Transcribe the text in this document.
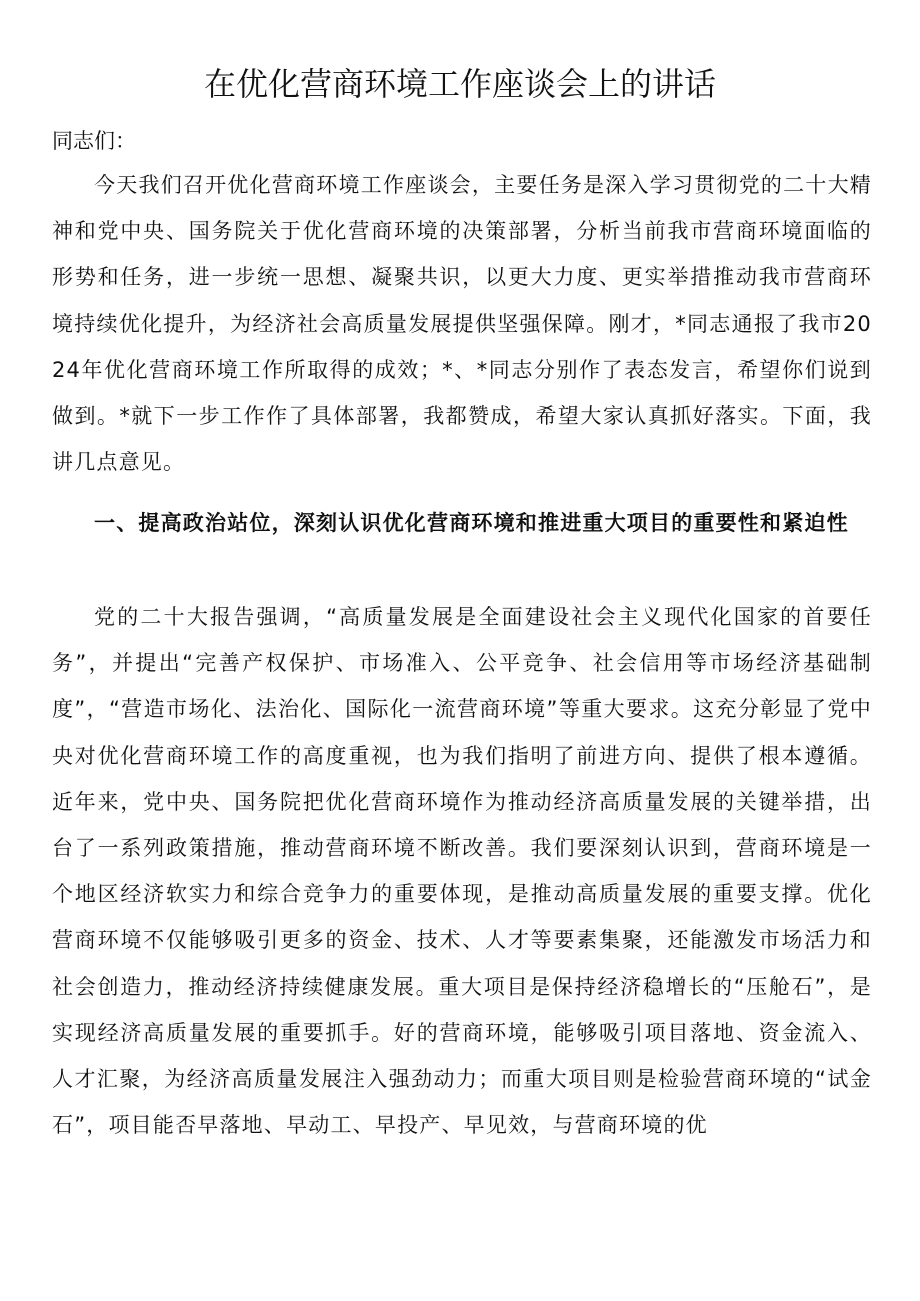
在优化营商环境工作座谈会上的讲话

同志们：

今天我们召开优化营商环境工作座谈会，主要任务是深入学习贯彻党的二十大精神和党中央、国务院关于优化营商环境的决策部署，分析当前我市营商环境面临的形势和任务，进一步统一思想、凝聚共识，以更大力度、更实举措推动我市营商环境持续优化提升，为经济社会高质量发展提供坚强保障。刚才，*同志通报了我市2024年优化营商环境工作所取得的成效；*、*同志分别作了表态发言，希望你们说到做到。*就下一步工作作了具体部署，我都赞成，希望大家认真抓好落实。下面，我讲几点意见。

一、提高政治站位，深刻认识优化营商环境和推进重大项目的重要性和紧迫性

党的二十大报告强调，“高质量发展是全面建设社会主义现代化国家的首要任务”，并提出“完善产权保护、市场准入、公平竞争、社会信用等市场经济基础制度”，“营造市场化、法治化、国际化一流营商环境”等重大要求。这充分彰显了党中央对优化营商环境工作的高度重视，也为我们指明了前进方向、提供了根本遵循。近年来，党中央、国务院把优化营商环境作为推动经济高质量发展的关键举措，出台了一系列政策措施，推动营商环境不断改善。我们要深刻认识到，营商环境是一个地区经济软实力和综合竞争力的重要体现，是推动高质量发展的重要支撑。优化营商环境不仅能够吸引更多的资金、技术、人才等要素集聚，还能激发市场活力和社会创造力，推动经济持续健康发展。重大项目是保持经济稳增长的“压舱石”，是实现经济高质量发展的重要抓手。好的营商环境，能够吸引项目落地、资金流入、人才汇聚，为经济高质量发展注入强劲动力；而重大项目则是检验营商环境的“试金石”，项目能否早落地、早动工、早投产、早见效，与营商环境的优
